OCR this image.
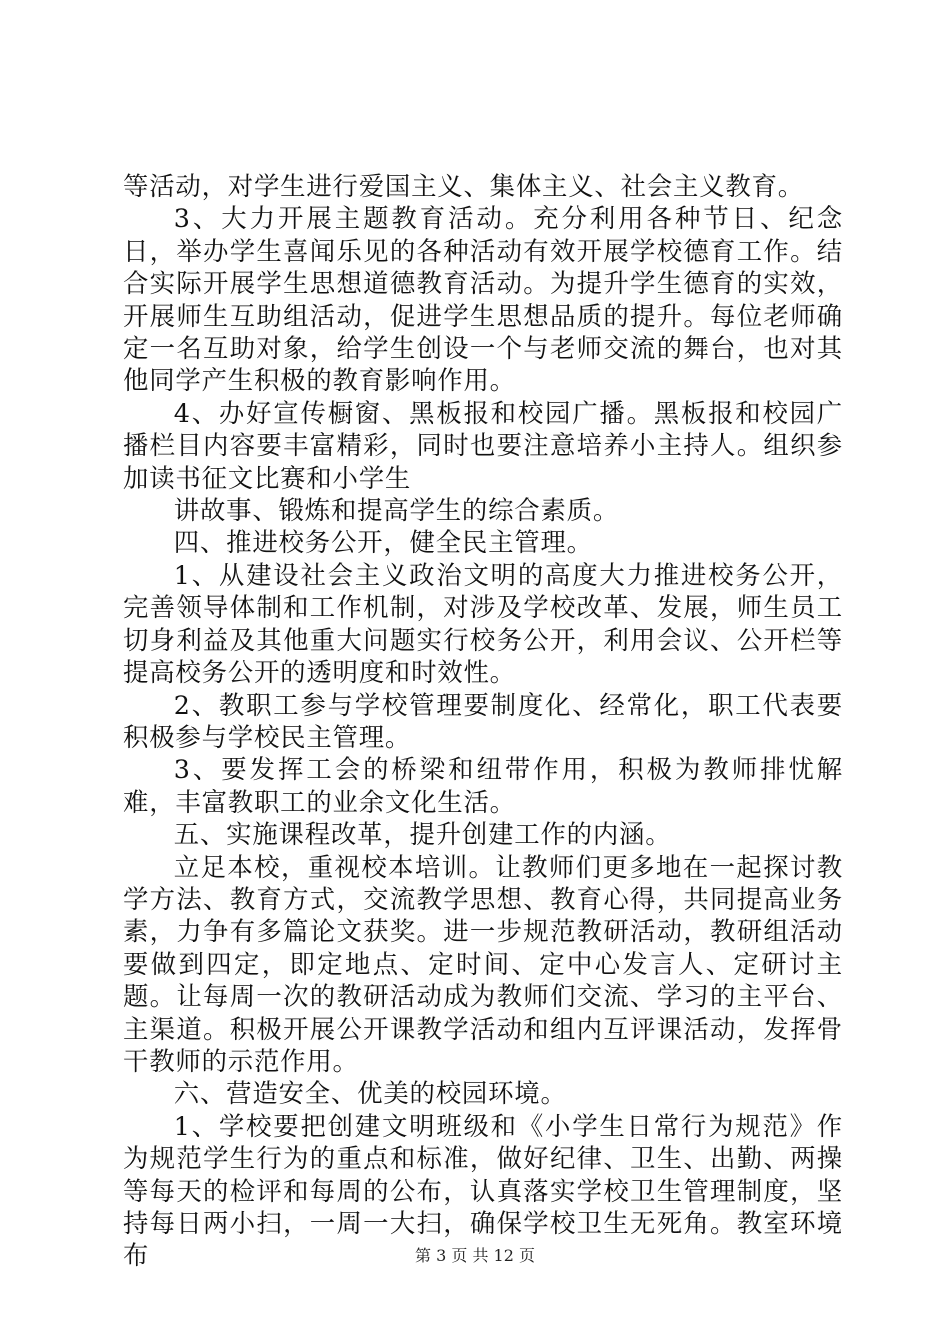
等活动，对学生进行爱国主义、集体主义、社会主义教育。

3、大力开展主题教育活动。充分利用各种节日、纪念日，举办学生喜闻乐见的各种活动有效开展学校德育工作。结合实际开展学生思想道德教育活动。为提升学生德育的实效，开展师生互助组活动，促进学生思想品质的提升。每位老师确定一名互助对象，给学生创设一个与老师交流的舞台，也对其他同学产生积极的教育影响作用。

4、办好宣传橱窗、黑板报和校园广播。黑板报和校园广播栏目内容要丰富精彩，同时也要注意培养小主持人。组织参加读书征文比赛和小学生

讲故事、锻炼和提高学生的综合素质。

四、推进校务公开，健全民主管理。

1、从建设社会主义政治文明的高度大力推进校务公开，完善领导体制和工作机制，对涉及学校改革、发展，师生员工切身利益及其他重大问题实行校务公开，利用会议、公开栏等提高校务公开的透明度和时效性。

2、教职工参与学校管理要制度化、经常化，职工代表要积极参与学校民主管理。

3、要发挥工会的桥梁和纽带作用，积极为教师排忧解难，丰富教职工的业余文化生活。

五、实施课程改革，提升创建工作的内涵。

立足本校，重视校本培训。让教师们更多地在一起探讨教学方法、教育方式，交流教学思想、教育心得，共同提高业务素，力争有多篇论文获奖。进一步规范教研活动，教研组活动要做到四定，即定地点、定时间、定中心发言人、定研讨主题。让每周一次的教研活动成为教师们交流、学习的主平台、主渠道。积极开展公开课教学活动和组内互评课活动，发挥骨干教师的示范作用。

六、营造安全、优美的校园环境。

1、学校要把创建文明班级和《小学生日常行为规范》作为规范学生行为的重点和标准，做好纪律、卫生、出勤、两操等每天的检评和每周的公布，认真落实学校卫生管理制度，坚持每日两小扫，一周一大扫，确保学校卫生无死角。教室环境布	第 3 页 共 12 页
